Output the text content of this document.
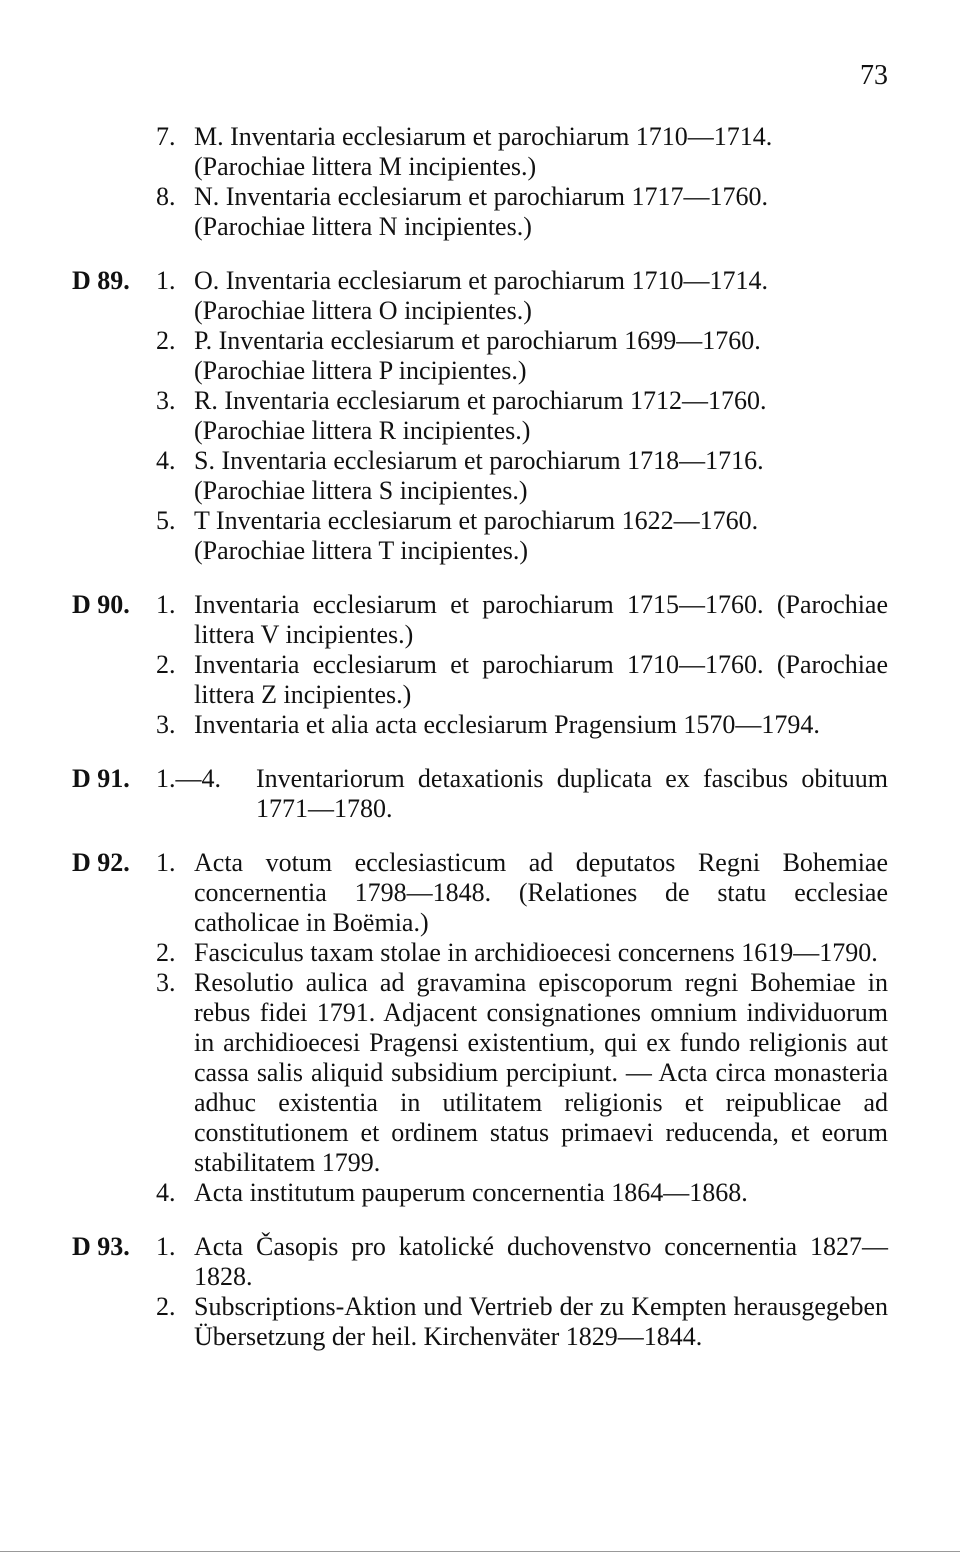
73
7. M. Inventaria ecclesiarum et parochiarum 1710—1714.
(Parochiae littera M incipientes.)
8. N. Inventaria ecclesiarum et parochiarum 1717—1760.
(Parochiae littera N incipientes.)
D 89.	1. O. Inventaria ecclesiarum et parochiarum 1710—1714.
(Parochiae littera O incipientes.)
2. P. Inventaria ecclesiarum et parochiarum 1699—1760.
(Parochiae littera P incipientes.)
3. R. Inventaria ecclesiarum et parochiarum 1712—1760.
(Parochiae littera R incipientes.)
4. S. Inventaria ecclesiarum et parochiarum 1718—1716.
(Parochiae littera S incipientes.)
5. T Inventaria ecclesiarum et parochiarum 1622—1760.
(Parochiae littera T incipientes.)
D 90.	1. Inventaria ecclesiarum et parochiarum 1715—1760. (Parochiae littera V incipientes.)
2. Inventaria ecclesiarum et parochiarum 1710—1760. (Parochiae littera Z incipientes.)
3. Inventaria et alia acta ecclesiarum Pragensium 1570—1794.
D 91.	1.—4. Inventariorum detaxationis duplicata ex fascibus obituum 1771—1780.
D 92.	1. Acta votum ecclesiasticum ad deputatos Regni Bohemiae concernentia 1798—1848. (Relationes de statu ecclesiae catholicae in Boëmia.)
2. Fasciculus taxam stolae in archidioecesi concernens 1619—1790.
3. Resolutio aulica ad gravamina episcoporum regni Bohemiae in rebus fidei 1791. Adjacent consignationes omnium individuorum in archidioecesi Pragensi existentium, qui ex fundo religionis aut cassa salis aliquid subsidium percipiunt. — Acta circa monasteria adhuc existentia in utilitatem religionis et reipublicae ad constitutionem et ordinem status primaevi reducenda, et eorum stabilitatem 1799.
4. Acta institutum pauperum concernentia 1864—1868.
D 93.	1. Acta Časopis pro katolické duchovenstvo concernentia 1827—1828.
2. Subscriptions-Aktion und Vertrieb der zu Kempten herausgegeben Übersetzung der heil. Kirchenväter 1829—1844.
